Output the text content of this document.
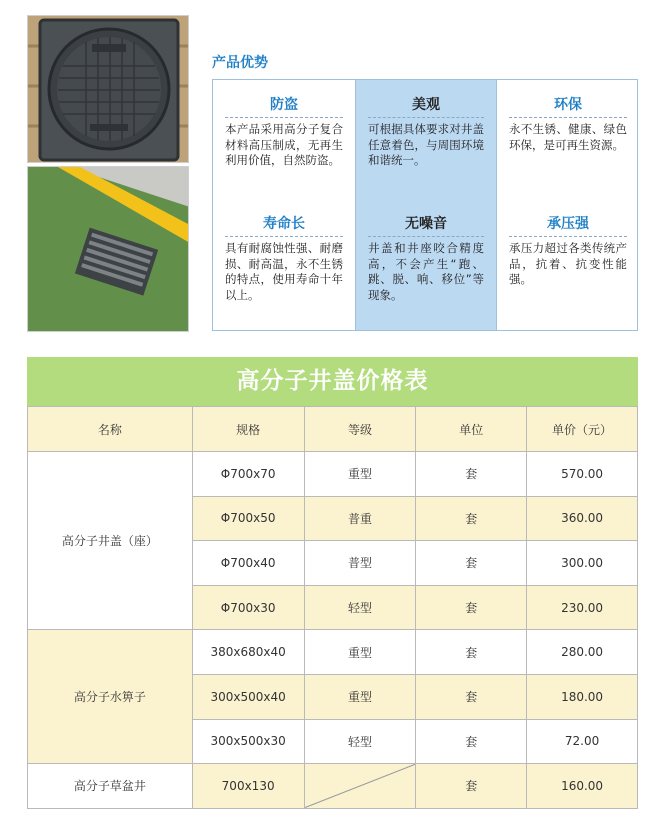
产品优势
防盗
本产品采用高分子复合材料高压制成，无再生利用价值，自然防盗。
寿命长
具有耐腐蚀性强、耐磨损、耐高温，永不生锈的特点，使用寿命十年以上。
美观
可根据具体要求对井盖任意着色，与周围环境和谐统一。
无噪音
井盖和井座咬合精度高，不会产生“跑、跳、脱、响、移位”等现象。
环保
永不生锈、健康、绿色环保，是可再生资源。
承压强
承压力超过各类传统产品，抗着、抗变性能强。
高分子井盖价格表
名称	规格	等级	单位	单价（元）
高分子井盖（座）	Φ700x70	重型	套	570.00
	Φ700x50	普重	套	360.00
	Φ700x40	普型	套	300.00
	Φ700x30	轻型	套	230.00
高分子水箅子	380x680x40	重型	套	280.00
	300x500x40	重型	套	180.00
	300x500x30	轻型	套	72.00
高分子草盆井	700x130		套	160.00
